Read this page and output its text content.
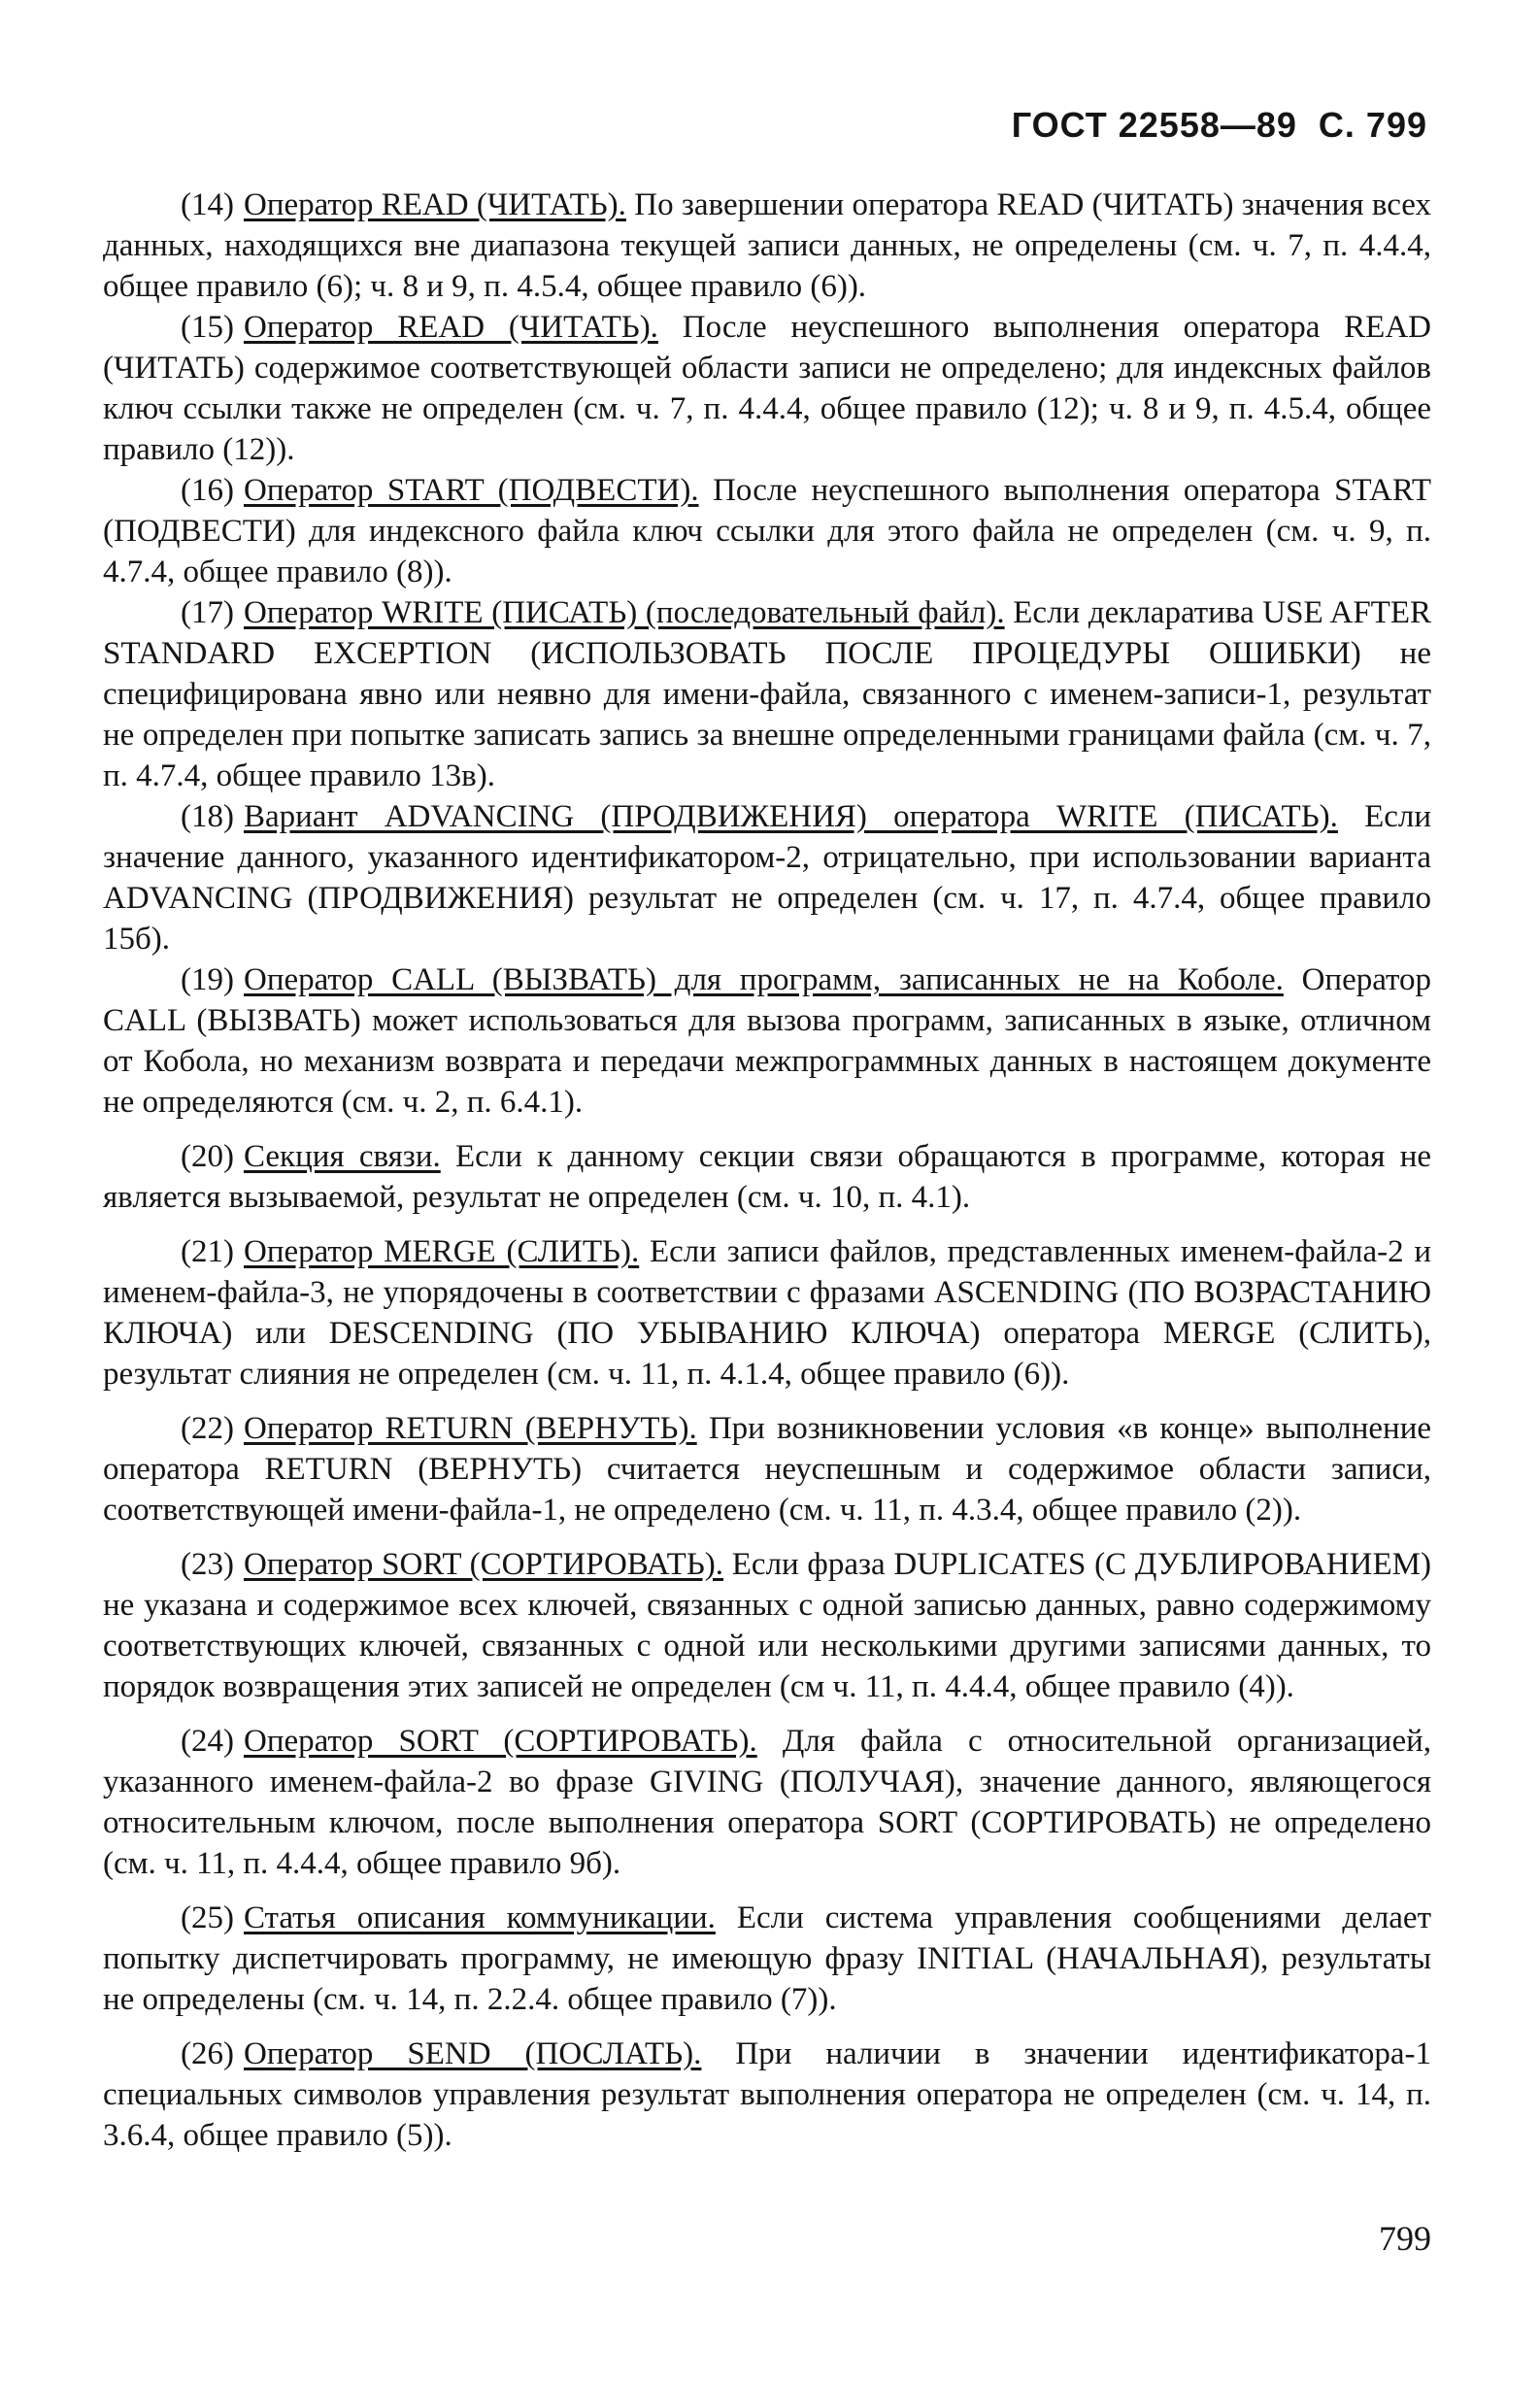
ГОСТ 22558—89 С. 799

(14) Оператор READ (ЧИТАТЬ). По завершении оператора READ (ЧИТАТЬ) значения всех данных, находящихся вне диапазона текущей записи данных, не определены (см. ч. 7, п. 4.4.4, общее правило (6); ч. 8 и 9, п. 4.5.4, общее правило (6)).

(15) Оператор READ (ЧИТАТЬ). После неуспешного выполнения оператора READ (ЧИТАТЬ) содержимое соответствующей области записи не определено; для индексных файлов ключ ссылки также не определен (см. ч. 7, п. 4.4.4, общее правило (12); ч. 8 и 9, п. 4.5.4, общее правило (12)).

(16) Оператор START (ПОДВЕСТИ). После неуспешного выполнения оператора START (ПОДВЕСТИ) для индексного файла ключ ссылки для этого файла не определен (см. ч. 9, п. 4.7.4, общее правило (8)).

(17) Оператор WRITE (ПИСАТЬ) (последовательный файл). Если декларатива USE AFTER STANDARD EXCEPTION (ИСПОЛЬЗОВАТЬ ПОСЛЕ ПРОЦЕДУРЫ ОШИБКИ) не специфицирована явно или неявно для имени-файла, связанного с именем-записи-1, результат не определен при попытке записать запись за внешне определенными границами файла (см. ч. 7, п. 4.7.4, общее правило 13в).

(18) Вариант ADVANCING (ПРОДВИЖЕНИЯ) оператора WRITE (ПИСАТЬ). Если значение данного, указанного идентификатором-2, отрицательно, при использовании варианта ADVANCING (ПРОДВИЖЕНИЯ) результат не определен (см. ч. 17, п. 4.7.4, общее правило 15б).

(19) Оператор CALL (ВЫЗВАТЬ) для программ, записанных не на Коболе. Оператор CALL (ВЫЗВАТЬ) может использоваться для вызова программ, записанных в языке, отличном от Кобола, но механизм возврата и передачи межпрограммных данных в настоящем документе не определяются (см. ч. 2, п. 6.4.1).

(20) Секция связи. Если к данному секции связи обращаются в программе, которая не является вызываемой, результат не определен (см. ч. 10, п. 4.1).

(21) Оператор MERGE (СЛИТЬ). Если записи файлов, представленных именем-файла-2 и именем-файла-3, не упорядочены в соответствии с фразами ASCENDING (ПО ВОЗРАСТАНИЮ КЛЮЧА) или DESCENDING (ПО УБЫВАНИЮ КЛЮЧА) оператора MERGE (СЛИТЬ), результат слияния не определен (см. ч. 11, п. 4.1.4, общее правило (6)).

(22) Оператор RETURN (ВЕРНУТЬ). При возникновении условия «в конце» выполнение оператора RETURN (ВЕРНУТЬ) считается неуспешным и содержимое области записи, соответствующей имени-файла-1, не определено (см. ч. 11, п. 4.3.4, общее правило (2)).

(23) Оператор SORT (СОРТИРОВАТЬ). Если фраза DUPLICATES (С ДУБЛИРОВАНИЕМ) не указана и содержимое всех ключей, связанных с одной записью данных, равно содержимому соответствующих ключей, связанных с одной или несколькими другими записями данных, то порядок возвращения этих записей не определен (см ч. 11, п. 4.4.4, общее правило (4)).

(24) Оператор SORT (СОРТИРОВАТЬ). Для файла с относительной организацией, указанного именем-файла-2 во фразе GIVING (ПОЛУЧАЯ), значение данного, являющегося относительным ключом, после выполнения оператора SORT (СОРТИРОВАТЬ) не определено (см. ч. 11, п. 4.4.4, общее правило 9б).

(25) Статья описания коммуникации. Если система управления сообщениями делает попытку диспетчировать программу, не имеющую фразу INITIAL (НАЧАЛЬНАЯ), результаты не определены (см. ч. 14, п. 2.2.4. общее правило (7)).

(26) Оператор SEND (ПОСЛАТЬ). При наличии в значении идентификатора-1 специальных символов управления результат выполнения оператора не определен (см. ч. 14, п. 3.6.4, общее правило (5)).

799
